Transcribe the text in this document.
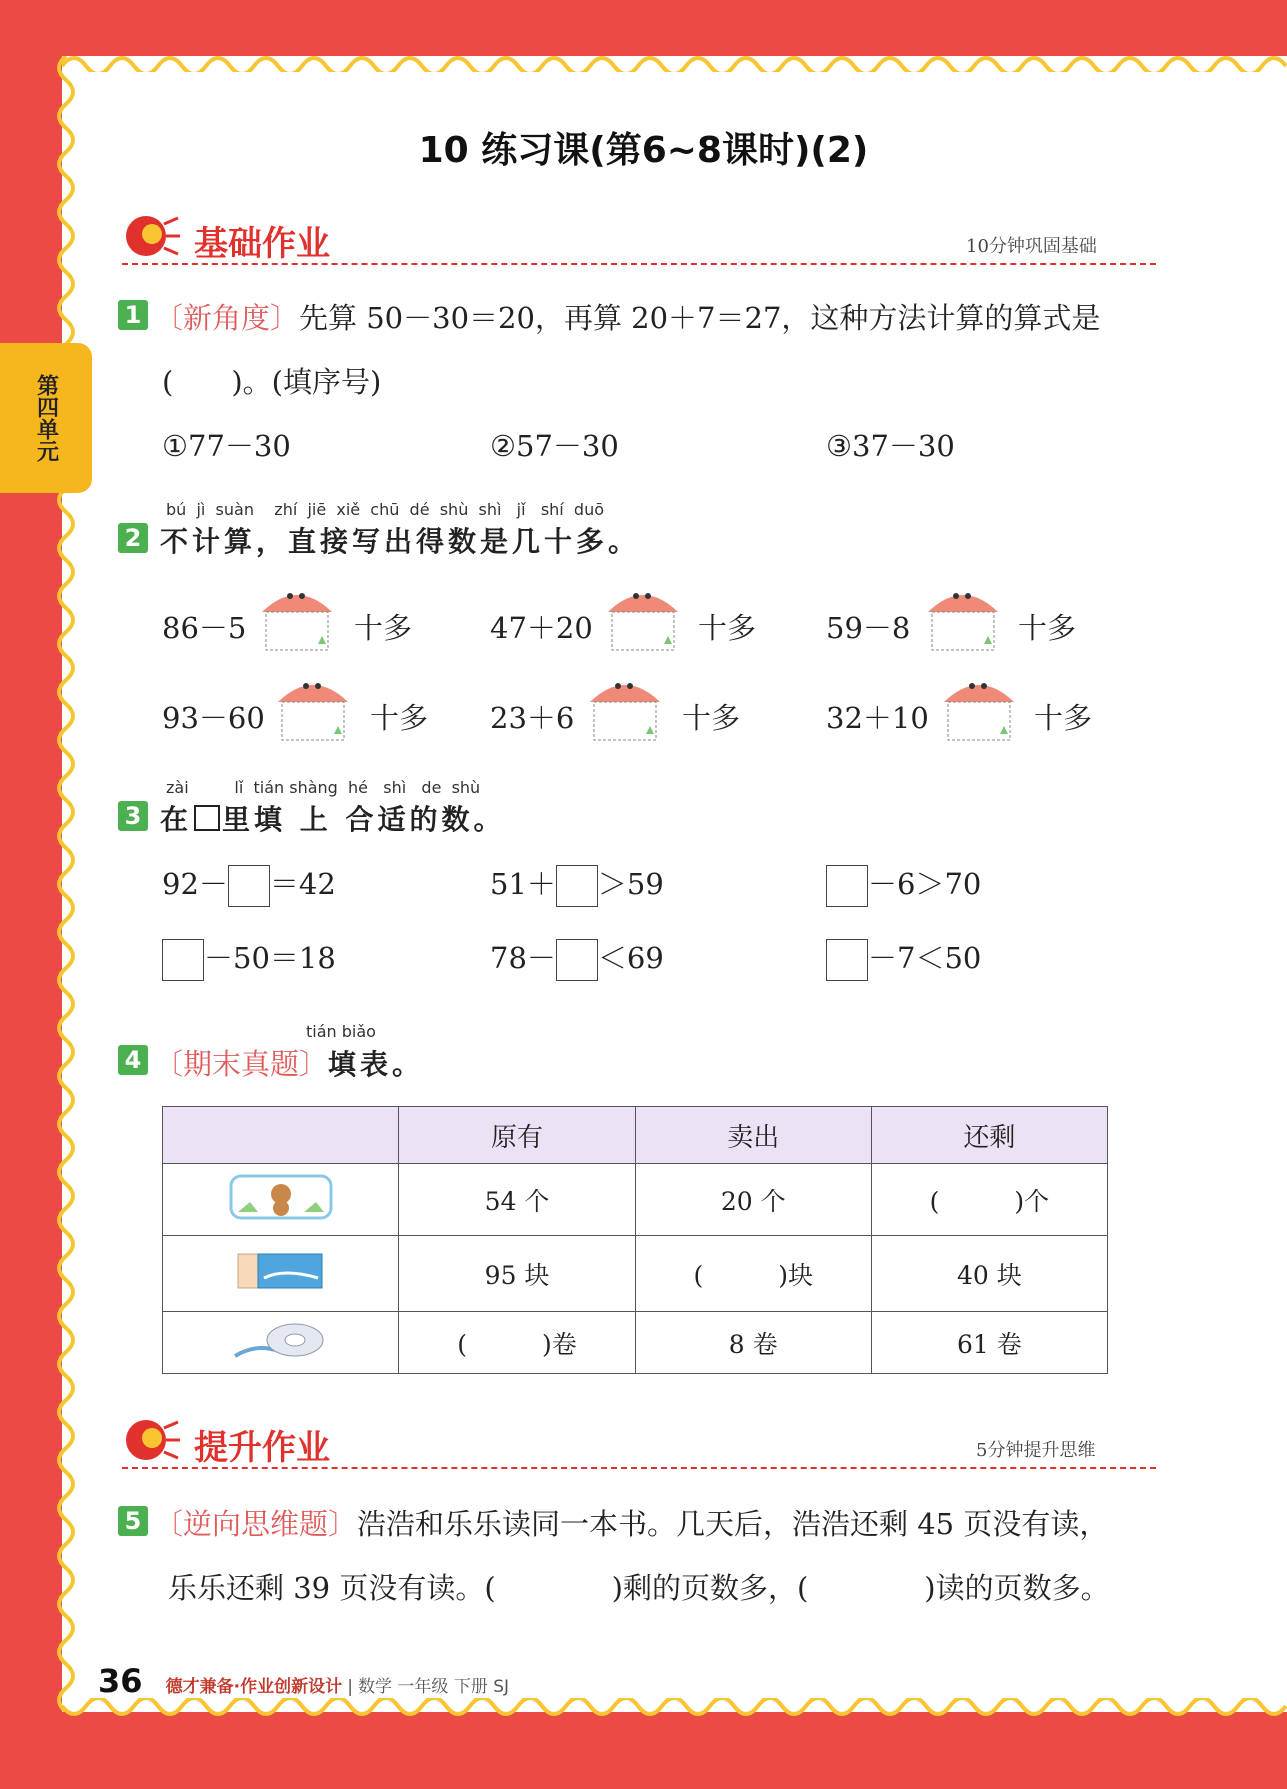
第四单元
10 练习课(第6~8课时)(2)
基础作业	10分钟巩固基础
1 〔新角度〕先算 50－30＝20，再算 20＋7＝27，这种方法计算的算式是
(　　)。(填序号)
①77－30	②57－30	③37－30
bú  jì  suàn    zhí  jiē  xiě  chū  dé  shù  shì   jǐ   shí  duō
2 不计算，直接写出得数是几十多。
86－5	十多	47＋20	十多 59－8	十多
93－60	十多 23＋6	十多	32＋10	十多
zài         lǐ  tián shàng  hé   shì   de  shù
3 在 里填 上 合适的数。
92－ ＝42	51＋ ＞59	－6＞70
－50＝18	78－ ＜69	－7＜50
tián biǎo
4 〔期末真题〕填表。
	原有	卖出	还剩
	54 个	20 个	(　　　)个
	95 块	(　　　)块	40 块
	(　　　)卷	8 卷	61 卷
提升作业	5分钟提升思维
5 〔逆向思维题〕浩浩和乐乐读同一本书。几天后，浩浩还剩 45 页没有读，
乐乐还剩 39 页没有读。(　　　　)剩的页数多，(　　　　)读的页数多。
36 德才兼备·作业创新设计 | 数学 一年级 下册 SJ
